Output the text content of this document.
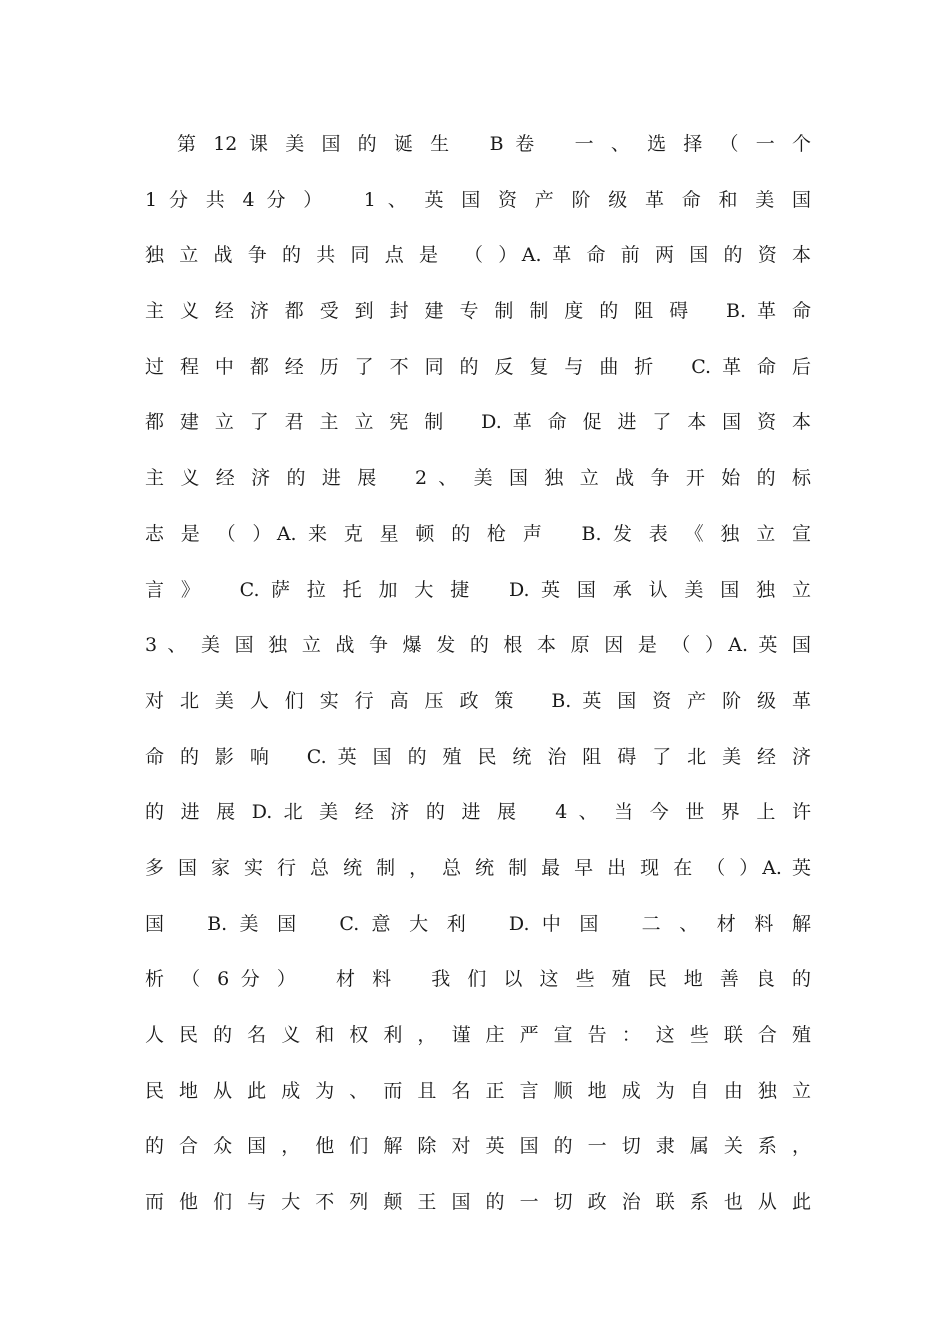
第 12 课 美 国 的 诞 生   B 卷   一 、 选 择 （ 一 个
1 分 共 4 分 ）   1 、 英 国 资 产 阶 级 革 命 和 美 国
独 立 战 争 的 共 同 点 是  （ ）A. 革 命 前 两 国 的 资 本
主 义 经 济 都 受 到 封 建 专 制 制 度 的 阻 碍   B. 革 命
过 程 中 都 经 历 了 不 同 的 反 复 与 曲 折   C. 革 命 后
都 建 立 了 君 主 立 宪 制   D. 革 命 促 进 了 本 国 资 本
主 义 经 济 的 进 展   2 、 美 国 独 立 战 争 开 始 的 标
志 是 （ ）A. 来 克 星 顿 的 枪 声   B. 发 表 《 独 立 宣
言 》   C. 萨 拉 托 加 大 捷   D. 英 国 承 认 美 国 独 立
3 、 美 国 独 立 战 争 爆 发 的 根 本 原 因 是 （ ）A. 英 国
对 北 美 人 们 实 行 高 压 政 策   B. 英 国 资 产 阶 级 革
命 的 影 响   C. 英 国 的 殖 民 统 治 阻 碍 了 北 美 经 济
的 进 展 D. 北 美 经 济 的 进 展   4 、 当 今 世 界 上 许
多 国 家 实 行 总 统 制 ， 总 统 制 最 早 出 现 在 （ ）A. 英
国   B. 美 国   C. 意 大 利   D. 中 国   二 、 材 料 解
析 （ 6 分 ）   材 料   我 们 以 这 些 殖 民 地 善 良 的
人 民 的 名 义 和 权 利 ， 谨 庄 严 宣 告 ： 这 些 联 合 殖
民 地 从 此 成 为 、 而 且 名 正 言 顺 地 成 为 自 由 独 立
的 合 众 国 ， 他 们 解 除 对 英 国 的 一 切 隶 属 关 系 ，
而 他 们 与 大 不 列 颠 王 国 的 一 切 政 治 联 系 也 从 此
